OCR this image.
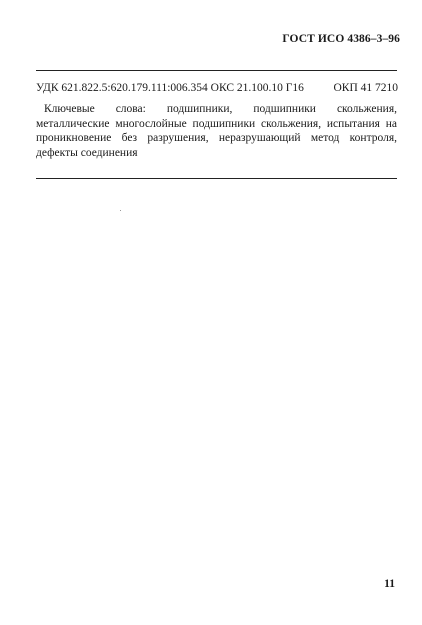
ГОСТ ИСО 4386–3–96
УДК 621.822.5:620.179.111:006.354 ОКС 21.100.10 Г16	ОКП 41 7210

Ключевые слова: подшипники, подшипники скольжения, металлические многослойные подшипники скольжения, испытания на проникновение без разрушения, неразрушающий метод контроля, дефекты соединения

11
